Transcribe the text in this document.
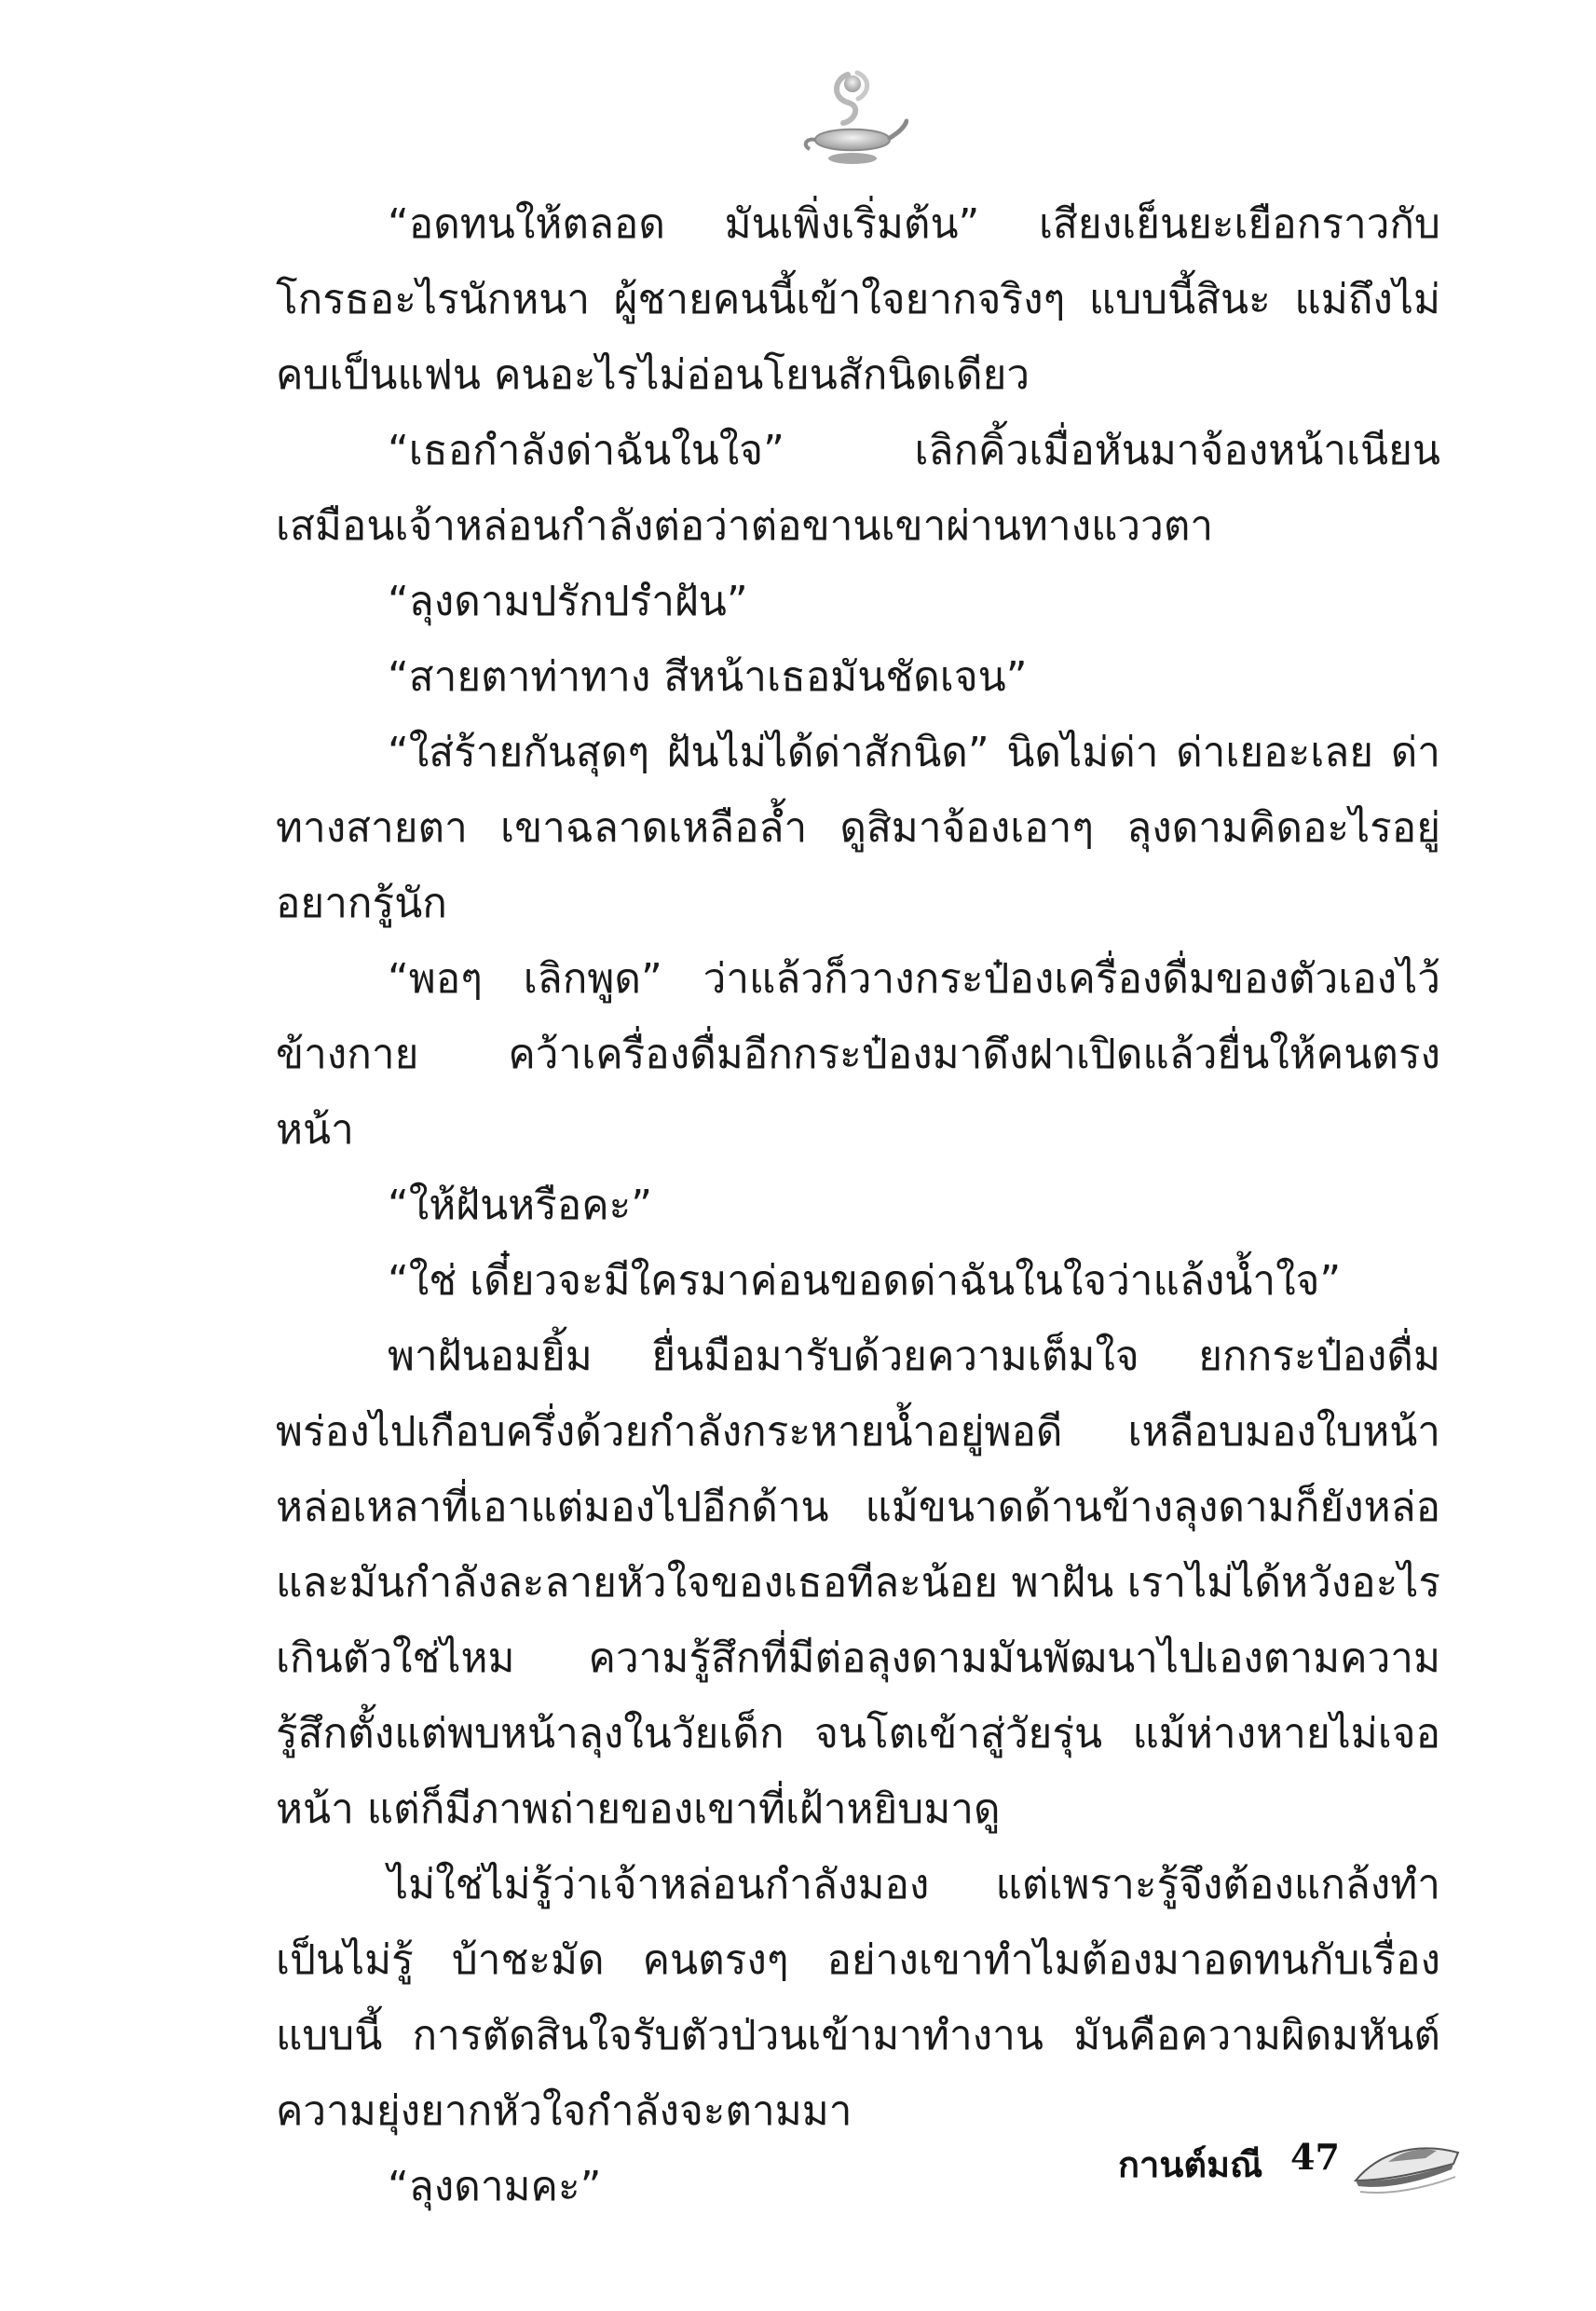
“อดทนให้ตลอด มันเพิ่งเริ่มต้น” เสียงเย็นยะเยือกราวกับโกรธอะไรนักหนา ผู้ชายคนนี้เข้าใจยากจริงๆ แบบนี้สินะ แม่ถึงไม่คบเป็นแฟน คนอะไรไม่อ่อนโยนสักนิดเดียว

“เธอกำลังด่าฉันในใจ” เลิกคิ้วเมื่อหันมาจ้องหน้าเนียน เสมือนเจ้าหล่อนกำลังต่อว่าต่อขานเขาผ่านทางแววตา

“ลุงดามปรักปรำฝัน”

“สายตาท่าทาง สีหน้าเธอมันชัดเจน”

“ใส่ร้ายกันสุดๆ ฝันไม่ได้ด่าสักนิด” นิดไม่ด่า ด่าเยอะเลย ด่าทางสายตา เขาฉลาดเหลือล้ำ ดูสิมาจ้องเอาๆ ลุงดามคิดอะไรอยู่อยากรู้นัก

“พอๆ เลิกพูด” ว่าแล้วก็วางกระป๋องเครื่องดื่มของตัวเองไว้ข้างกาย คว้าเครื่องดื่มอีกกระป๋องมาดึงฝาเปิดแล้วยื่นให้คนตรงหน้า

“ให้ฝันหรือคะ”

“ใช่ เดี๋ยวจะมีใครมาค่อนขอดด่าฉันในใจว่าแล้งน้ำใจ”

พาฝันอมยิ้ม ยื่นมือมารับด้วยความเต็มใจ ยกกระป๋องดื่มพร่องไปเกือบครึ่งด้วยกำลังกระหายน้ำอยู่พอดี เหลือบมองใบหน้าหล่อเหลาที่เอาแต่มองไปอีกด้าน แม้ขนาดด้านข้างลุงดามก็ยังหล่อ และมันกำลังละลายหัวใจของเธอทีละน้อย พาฝัน เราไม่ได้หวังอะไรเกินตัวใช่ไหม ความรู้สึกที่มีต่อลุงดามมันพัฒนาไปเองตามความรู้สึกตั้งแต่พบหน้าลุงในวัยเด็ก จนโตเข้าสู่วัยรุ่น แม้ห่างหายไม่เจอหน้า แต่ก็มีภาพถ่ายของเขาที่เฝ้าหยิบมาดู

ไม่ใช่ไม่รู้ว่าเจ้าหล่อนกำลังมอง แต่เพราะรู้จึงต้องแกล้งทำเป็นไม่รู้ บ้าชะมัด คนตรงๆ อย่างเขาทำไมต้องมาอดทนกับเรื่องแบบนี้ การตัดสินใจรับตัวป่วนเข้ามาทำงาน มันคือความผิดมหันต์ ความยุ่งยากหัวใจกำลังจะตามมา

“ลุงดามคะ”	กานต์มณี 47
